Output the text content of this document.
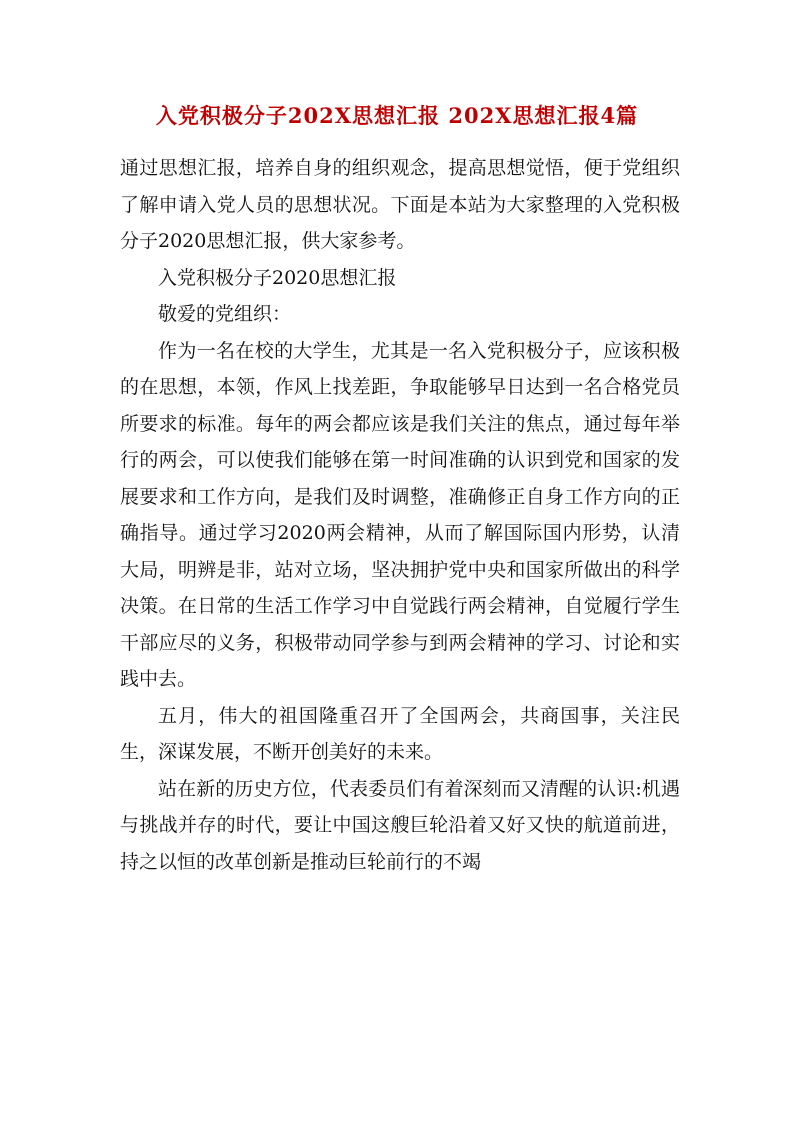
入党积极分子202X思想汇报 202X思想汇报4篇

通过思想汇报，培养自身的组织观念，提高思想觉悟，便于党组织了解申请入党人员的思想状况。下面是本站为大家整理的入党积极分子2020思想汇报，供大家参考。

入党积极分子2020思想汇报

敬爱的党组织：

作为一名在校的大学生，尤其是一名入党积极分子，应该积极的在思想，本领，作风上找差距，争取能够早日达到一名合格党员所要求的标准。每年的两会都应该是我们关注的焦点，通过每年举行的两会，可以使我们能够在第一时间准确的认识到党和国家的发展要求和工作方向，是我们及时调整，准确修正自身工作方向的正确指导。通过学习2020两会精神，从而了解国际国内形势，认清大局，明辨是非，站对立场，坚决拥护党中央和国家所做出的科学决策。在日常的生活工作学习中自觉践行两会精神，自觉履行学生干部应尽的义务，积极带动同学参与到两会精神的学习、讨论和实践中去。

五月，伟大的祖国隆重召开了全国两会，共商国事，关注民生，深谋发展，不断开创美好的未来。

站在新的历史方位，代表委员们有着深刻而又清醒的认识:机遇与挑战并存的时代，要让中国这艘巨轮沿着又好又快的航道前进，持之以恒的改革创新是推动巨轮前行的不竭
